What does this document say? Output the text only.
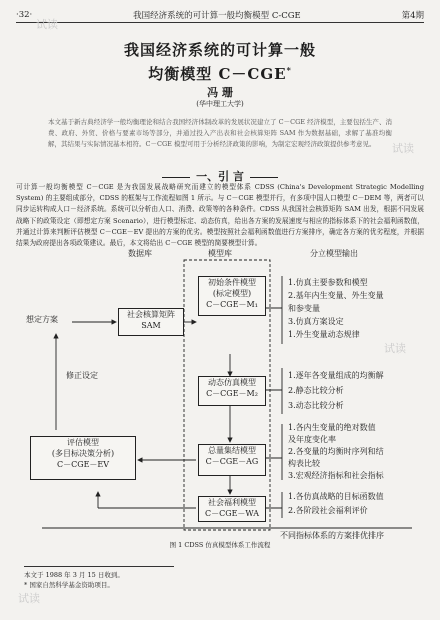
·32·	我国经济系统的可计算一般均衡模型 C-CGE	第4期
我国经济系统的可计算一般
均衡模型 C－CGE*
冯 珊
(华中理工大学)
本文基于新古典经济学一般均衡理论和结合我国经济体制改革的发展状况建立了 C－CGE 经济模型，主要包括生产、消费、政府、外贸、价格与要素市场等部分，并通过投入产出表和社会核算矩阵 SAM 作为数据基础，求解了基准均衡解，其结果与实际情况基本相符。C－CGE 模型可用于分析经济政策的影响，为制定宏观经济政策提供参考意见。
一、引 言
可计算一般均衡模型 C－CGE 是为我国发展战略研究而建立的模型体系 CDSS (China's Development Strategic Modelling System) 的主要组成部分，CDSS 的框架与工作流程如图 1 所示。与 C－CGE 模型并行，有多项中国人口模型 C－DEM 等，两者可以同步运转构成人口－经济系统。系统可以分析由人口、消费、政策等的各种条件。CDSS 从我国社会核算矩阵 SAM 出发，根据不同发展战略下的政策设定（即想定方案 Scenario），进行模型标定、动态仿真，给出各方案的发展速度与相应的指标体系下的社会福利函数值，并通过计算来判断评估模型 C－CGE－EV 提出的方案的优劣。模型按照社会福利函数值进行方案排序，确定各方案的优劣程度，并根据结果为政府提出各项政策建议。最后，本文将给出 C－CGE 模型的简要模型计算。
数据库	模型库	分立模型输出
想定方案
修正设定
社会核算矩阵
SAM
初始条件模型
(标定模型)
C－CGE－M₁
动态仿真模型
C－CGE－M₂
评估模型
(多目标决策分析)
C－CGE－EV
总量集结模型
C－CGE－AG
社会福利模型
C－CGE－WA
1.仿真主要参数和模型
2.基年内生变量、外生变量
和参变量
3.仿真方案设定
1.外生变量动态规律
1.逐年各变量组成的均衡解
2.静态比较分析
3.动态比较分析
1.各内生变量的绝对数值
及年度变化率
2.各变量的均衡时序列和结
构表比较
3.宏观经济指标和社会指标
1.各仿真战略的目标函数值
2.各阶段社会福利评价
不同指标体系的方案排优排序
图 1 CDSS 仿真模型体系工作流程
本文于 1988 年 3 月 15 日收到。
* 国家自然科学基金资助项目。
试读
试读
试读
试读
